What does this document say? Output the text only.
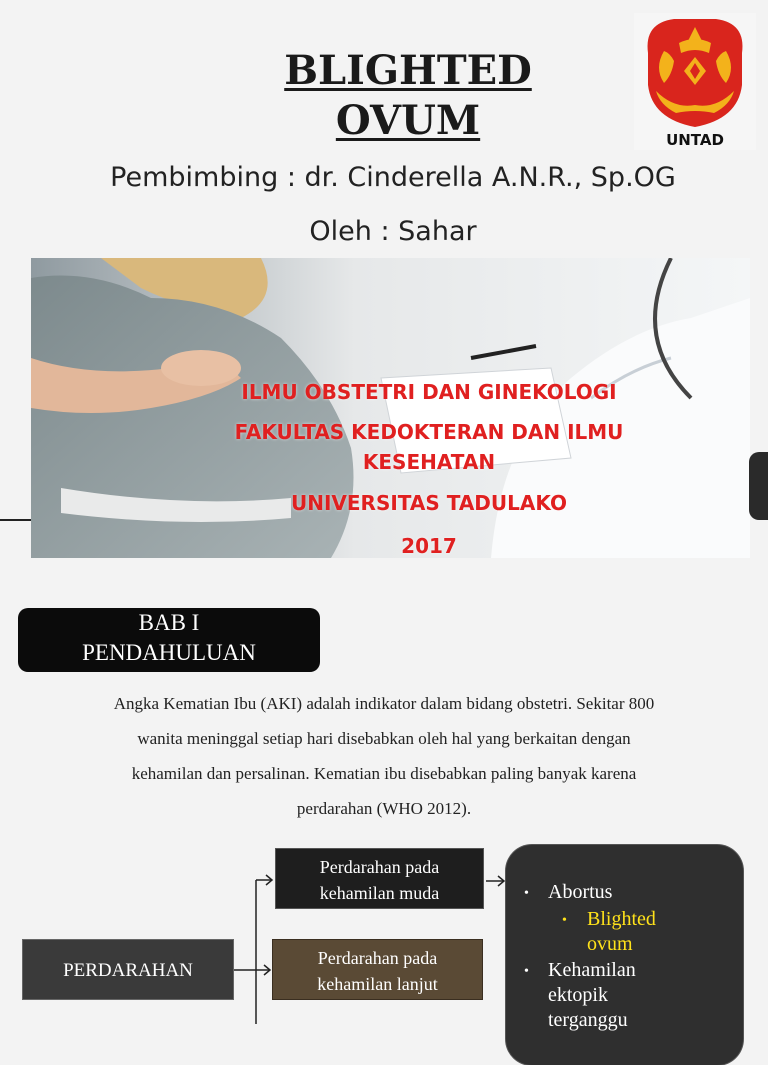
BLIGHTED
OVUM
Pembimbing : dr. Cinderella A.N.R., Sp.OG
Oleh : Sahar
UNTAD
ILMU OBSTETRI DAN GINEKOLOGI
FAKULTAS KEDOKTERAN DAN ILMU
KESEHATAN
UNIVERSITAS TADULAKO
2017
BAB I
PENDAHULUAN
Angka Kematian Ibu (AKI) adalah indikator dalam bidang obstetri. Sekitar 800
wanita meninggal setiap hari disebabkan oleh hal yang berkaitan dengan
kehamilan dan persalinan. Kematian ibu disebabkan paling banyak karena
perdarahan (WHO 2012).
Perdarahan pada
kehamilan muda
Perdarahan pada
kehamilan lanjut
PERDARAHAN
• Abortus
• Blighted
ovum
• Kehamilan
ektopik
terganggu
